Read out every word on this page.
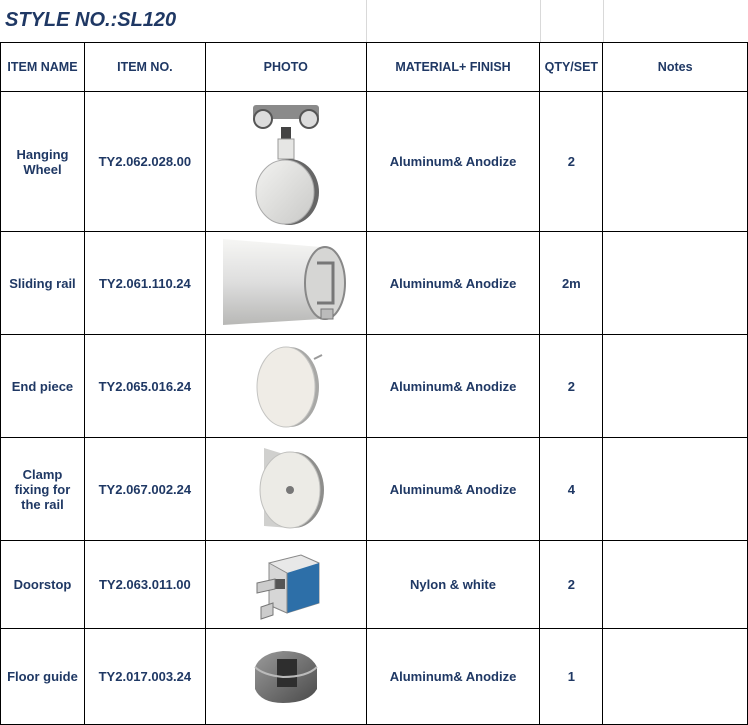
STYLE NO.:SL120
ITEM NAME	ITEM NO.	PHOTO	MATERIAL+ FINISH	QTY/SET	Notes
Hanging Wheel	TY2.062.028.00		Aluminum& Anodize	2	
Sliding rail	TY2.061.110.24		Aluminum& Anodize	2m	
End piece	TY2.065.016.24		Aluminum& Anodize	2	
Clamp fixing for the rail	TY2.067.002.24		Aluminum& Anodize	4	
Doorstop	TY2.063.011.00		Nylon & white	2	
Floor guide	TY2.017.003.24		Aluminum& Anodize	1	
